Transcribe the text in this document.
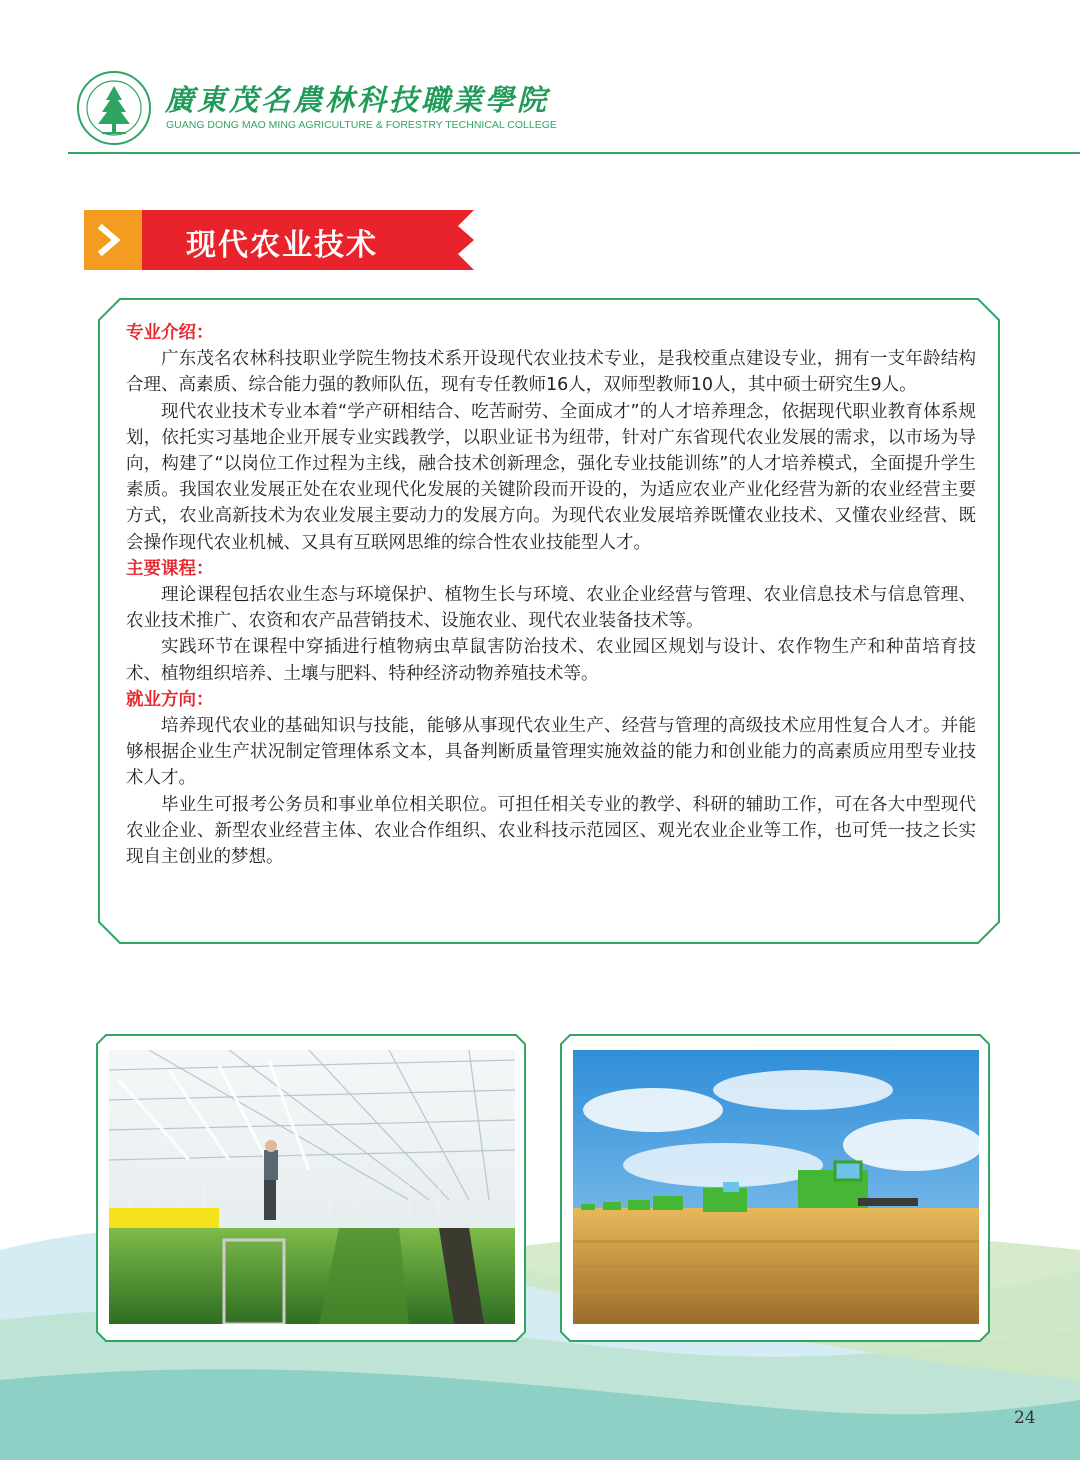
廣東茂名農林科技職業學院
GUANG DONG MAO MING AGRICULTURE & FORESTRY TECHNICAL COLLEGE
现代农业技术

专业介绍：

广东茂名农林科技职业学院生物技术系开设现代农业技术专业，是我校重点建设专业，拥有一支年龄结构合理、高素质、综合能力强的教师队伍，现有专任教师16人，双师型教师10人，其中硕士研究生9人。

现代农业技术专业本着“学产研相结合、吃苦耐劳、全面成才”的人才培养理念，依据现代职业教育体系规划，依托实习基地企业开展专业实践教学，以职业证书为纽带，针对广东省现代农业发展的需求，以市场为导向，构建了“以岗位工作过程为主线，融合技术创新理念，强化专业技能训练”的人才培养模式，全面提升学生素质。我国农业发展正处在农业现代化发展的关键阶段而开设的，为适应农业产业化经营为新的农业经营主要方式，农业高新技术为农业发展主要动力的发展方向。为现代农业发展培养既懂农业技术、又懂农业经营、既会操作现代农业机械、又具有互联网思维的综合性农业技能型人才。

主要课程：

理论课程包括农业生态与环境保护、植物生长与环境、农业企业经营与管理、农业信息技术与信息管理、农业技术推广、农资和农产品营销技术、设施农业、现代农业装备技术等。

实践环节在课程中穿插进行植物病虫草鼠害防治技术、农业园区规划与设计、农作物生产和种苗培育技术、植物组织培养、土壤与肥料、特种经济动物养殖技术等。

就业方向：

培养现代农业的基础知识与技能，能够从事现代农业生产、经营与管理的高级技术应用性复合人才。并能够根据企业生产状况制定管理体系文本，具备判断质量管理实施效益的能力和创业能力的高素质应用型专业技术人才。

毕业生可报考公务员和事业单位相关职位。可担任相关专业的教学、科研的辅助工作，可在各大中型现代农业企业、新型农业经营主体、农业合作组织、农业科技示范园区、观光农业企业等工作，也可凭一技之长实现自主创业的梦想。

24
